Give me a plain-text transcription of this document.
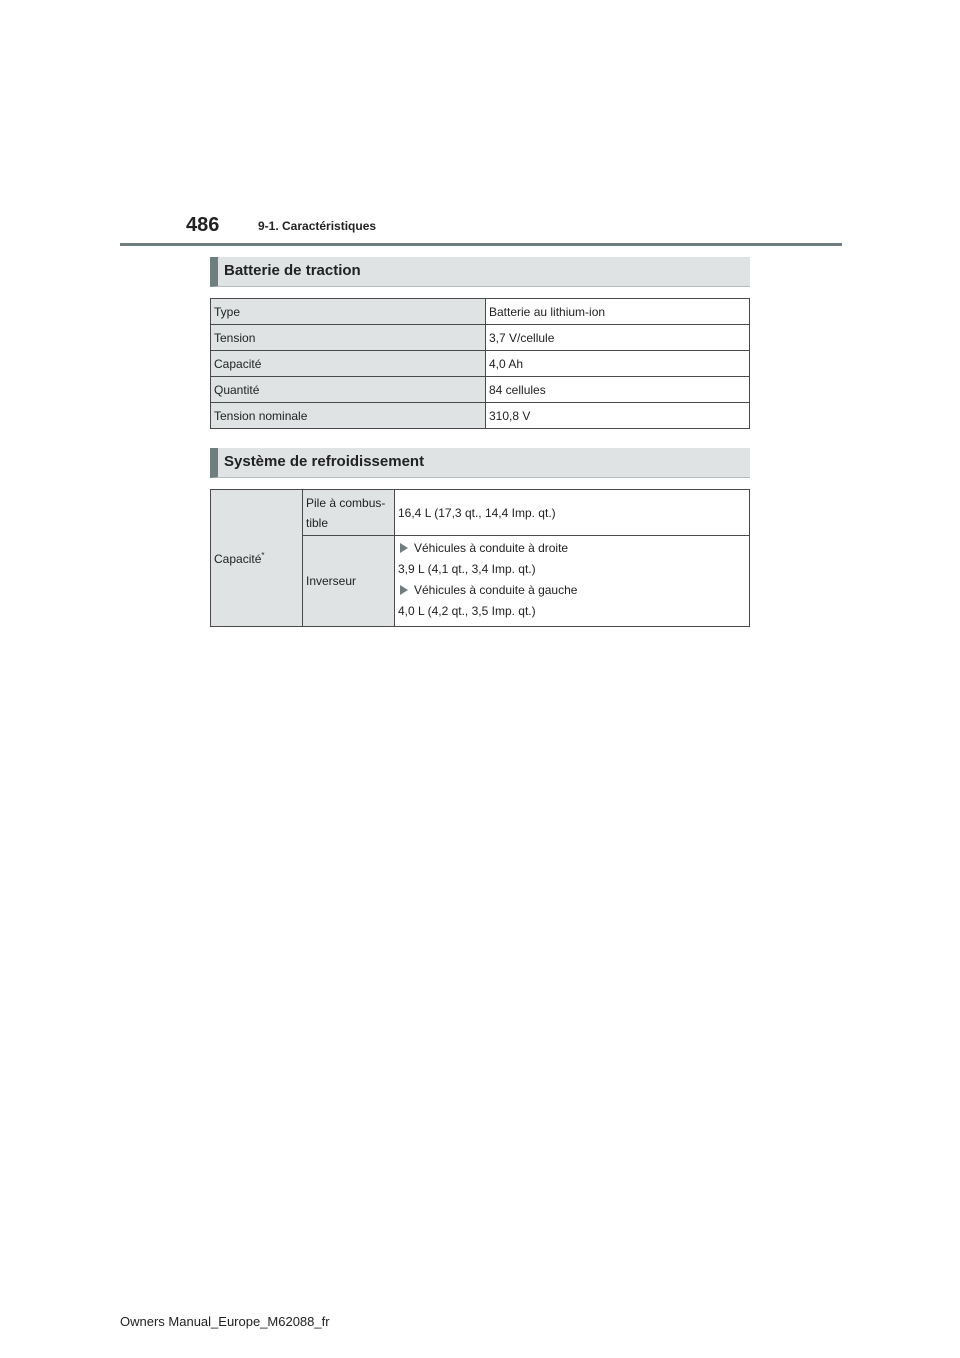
486	9-1. Caractéristiques
Batterie de traction
Type	Batterie au lithium-ion
Tension	3,7 V/cellule
Capacité	4,0 Ah
Quantité	84 cellules
Tension nominale	310,8 V
Système de refroidissement
Capacité*	Pile à combus-
tible	16,4 L (17,3 qt., 14,4 Imp. qt.)
	Inverseur	Véhicules à conduite à droite
3,9 L (4,1 qt., 3,4 Imp. qt.)
Véhicules à conduite à gauche
4,0 L (4,2 qt., 3,5 Imp. qt.)
Owners Manual_Europe_M62088_fr
